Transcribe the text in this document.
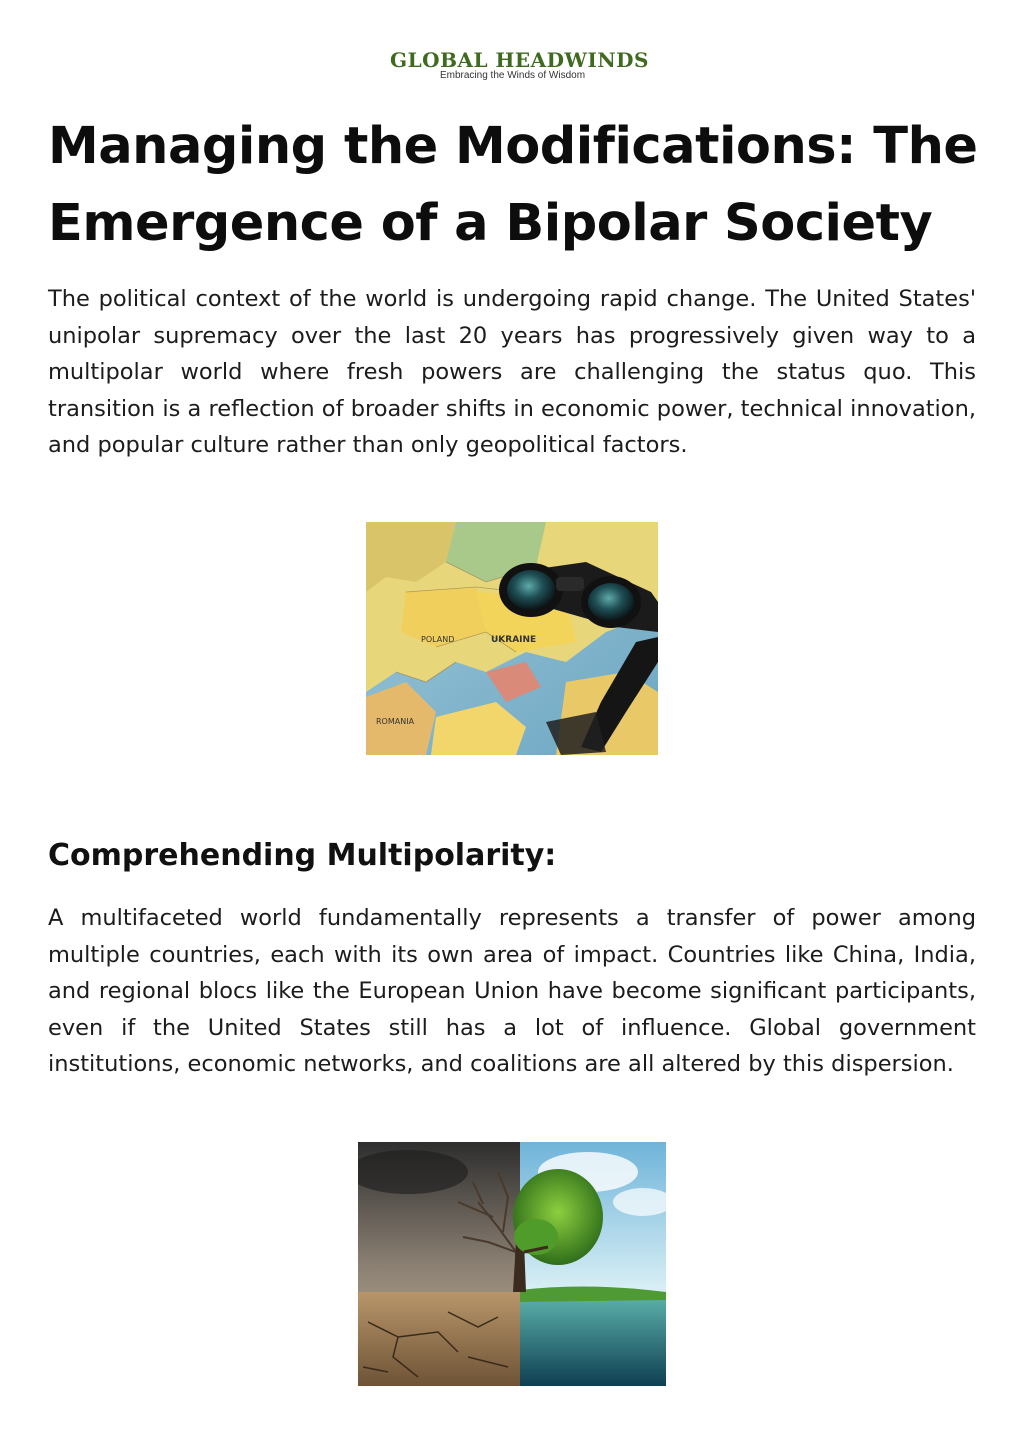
GLOBAL HEADWINDS
Embracing the Winds of Wisdom
Managing the Modifications: The Emergence of a Bipolar Society

The political context of the world is undergoing rapid change. The United States' unipolar supremacy over the last 20 years has progressively given way to a multipolar world where fresh powers are challenging the status quo. This transition is a reflection of broader shifts in economic power, technical innovation, and popular culture rather than only geopolitical factors.

POLAND	UKRAINE
ROMANIA
Comprehending Multipolarity:

A multifaceted world fundamentally represents a transfer of power among multiple countries, each with its own area of impact. Countries like China, India, and regional blocs like the European Union have become significant participants, even if the United States still has a lot of influence. Global government institutions, economic networks, and coalitions are all altered by this dispersion.
